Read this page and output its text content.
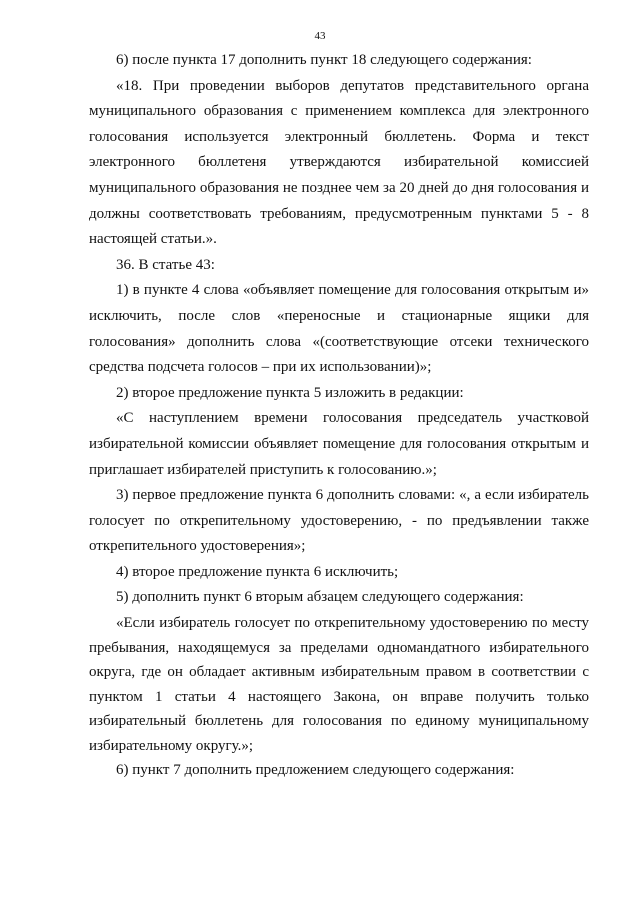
43

6) после пункта 17 дополнить пункт 18 следующего содержания:

«18. При проведении выборов депутатов представительного органа муниципального образования с применением комплекса для электронного голосования используется электронный бюллетень. Форма и текст электронного бюллетеня утверждаются избирательной комиссией муниципального образования не позднее чем за 20 дней до дня голосования и должны соответствовать требованиям, предусмотренным пунктами 5 - 8 настоящей статьи.».

36. В статье 43:

1) в пункте 4 слова «объявляет помещение для голосования открытым и» исключить, после слов «переносные и стационарные ящики для голосования» дополнить слова «(соответствующие отсеки технического средства подсчета голосов – при их использовании)»;

2) второе предложение пункта 5 изложить в редакции:

«С наступлением времени голосования председатель участковой избирательной комиссии объявляет помещение для голосования открытым и приглашает избирателей приступить к голосованию.»;

3) первое предложение пункта 6 дополнить словами: «, а если избиратель голосует по открепительному удостоверению, - по предъявлении также открепительного удостоверения»;

4) второе предложение пункта 6 исключить;

5) дополнить пункт 6 вторым абзацем следующего содержания:

«Если избиратель голосует по открепительному удостоверению по месту пребывания, находящемуся за пределами одномандатного избирательного округа, где он обладает активным избирательным правом в соответствии с пунктом 1 статьи 4 настоящего Закона, он вправе получить только избирательный бюллетень для голосования по единому муниципальному избирательному округу.»;

6) пункт 7 дополнить предложением следующего содержания:
